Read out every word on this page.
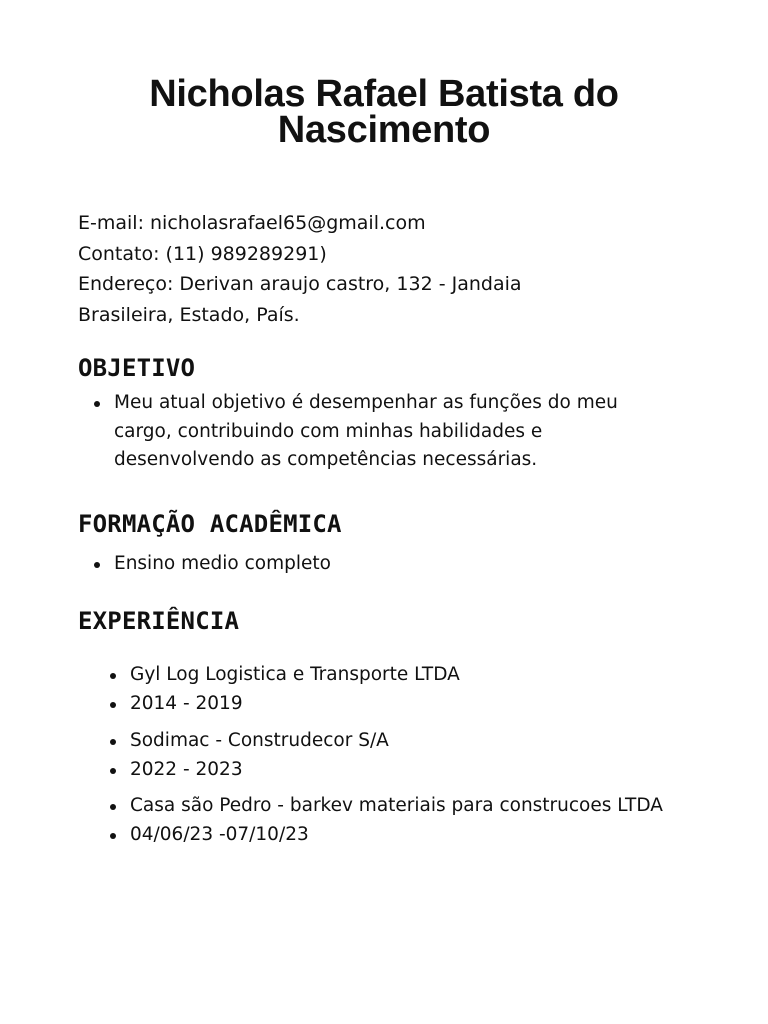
Nicholas Rafael Batista do
Nascimento
E-mail: nicholasrafael65@gmail.com
Contato: (11) 989289291)
Endereço: Derivan araujo castro, 132 - Jandaia
Brasileira, Estado, País.
OBJETIVO
Meu atual objetivo é desempenhar as funções do meu
cargo, contribuindo com minhas habilidades e
desenvolvendo as competências necessárias.
FORMAÇÃO ACADÊMICA
Ensino medio completo
EXPERIÊNCIA
Gyl Log Logistica e Transporte LTDA
2014 - 2019
Sodimac - Construdecor S/A
2022 - 2023
Casa são Pedro - barkev materiais para construcoes LTDA
04/06/23 -07/10/23
